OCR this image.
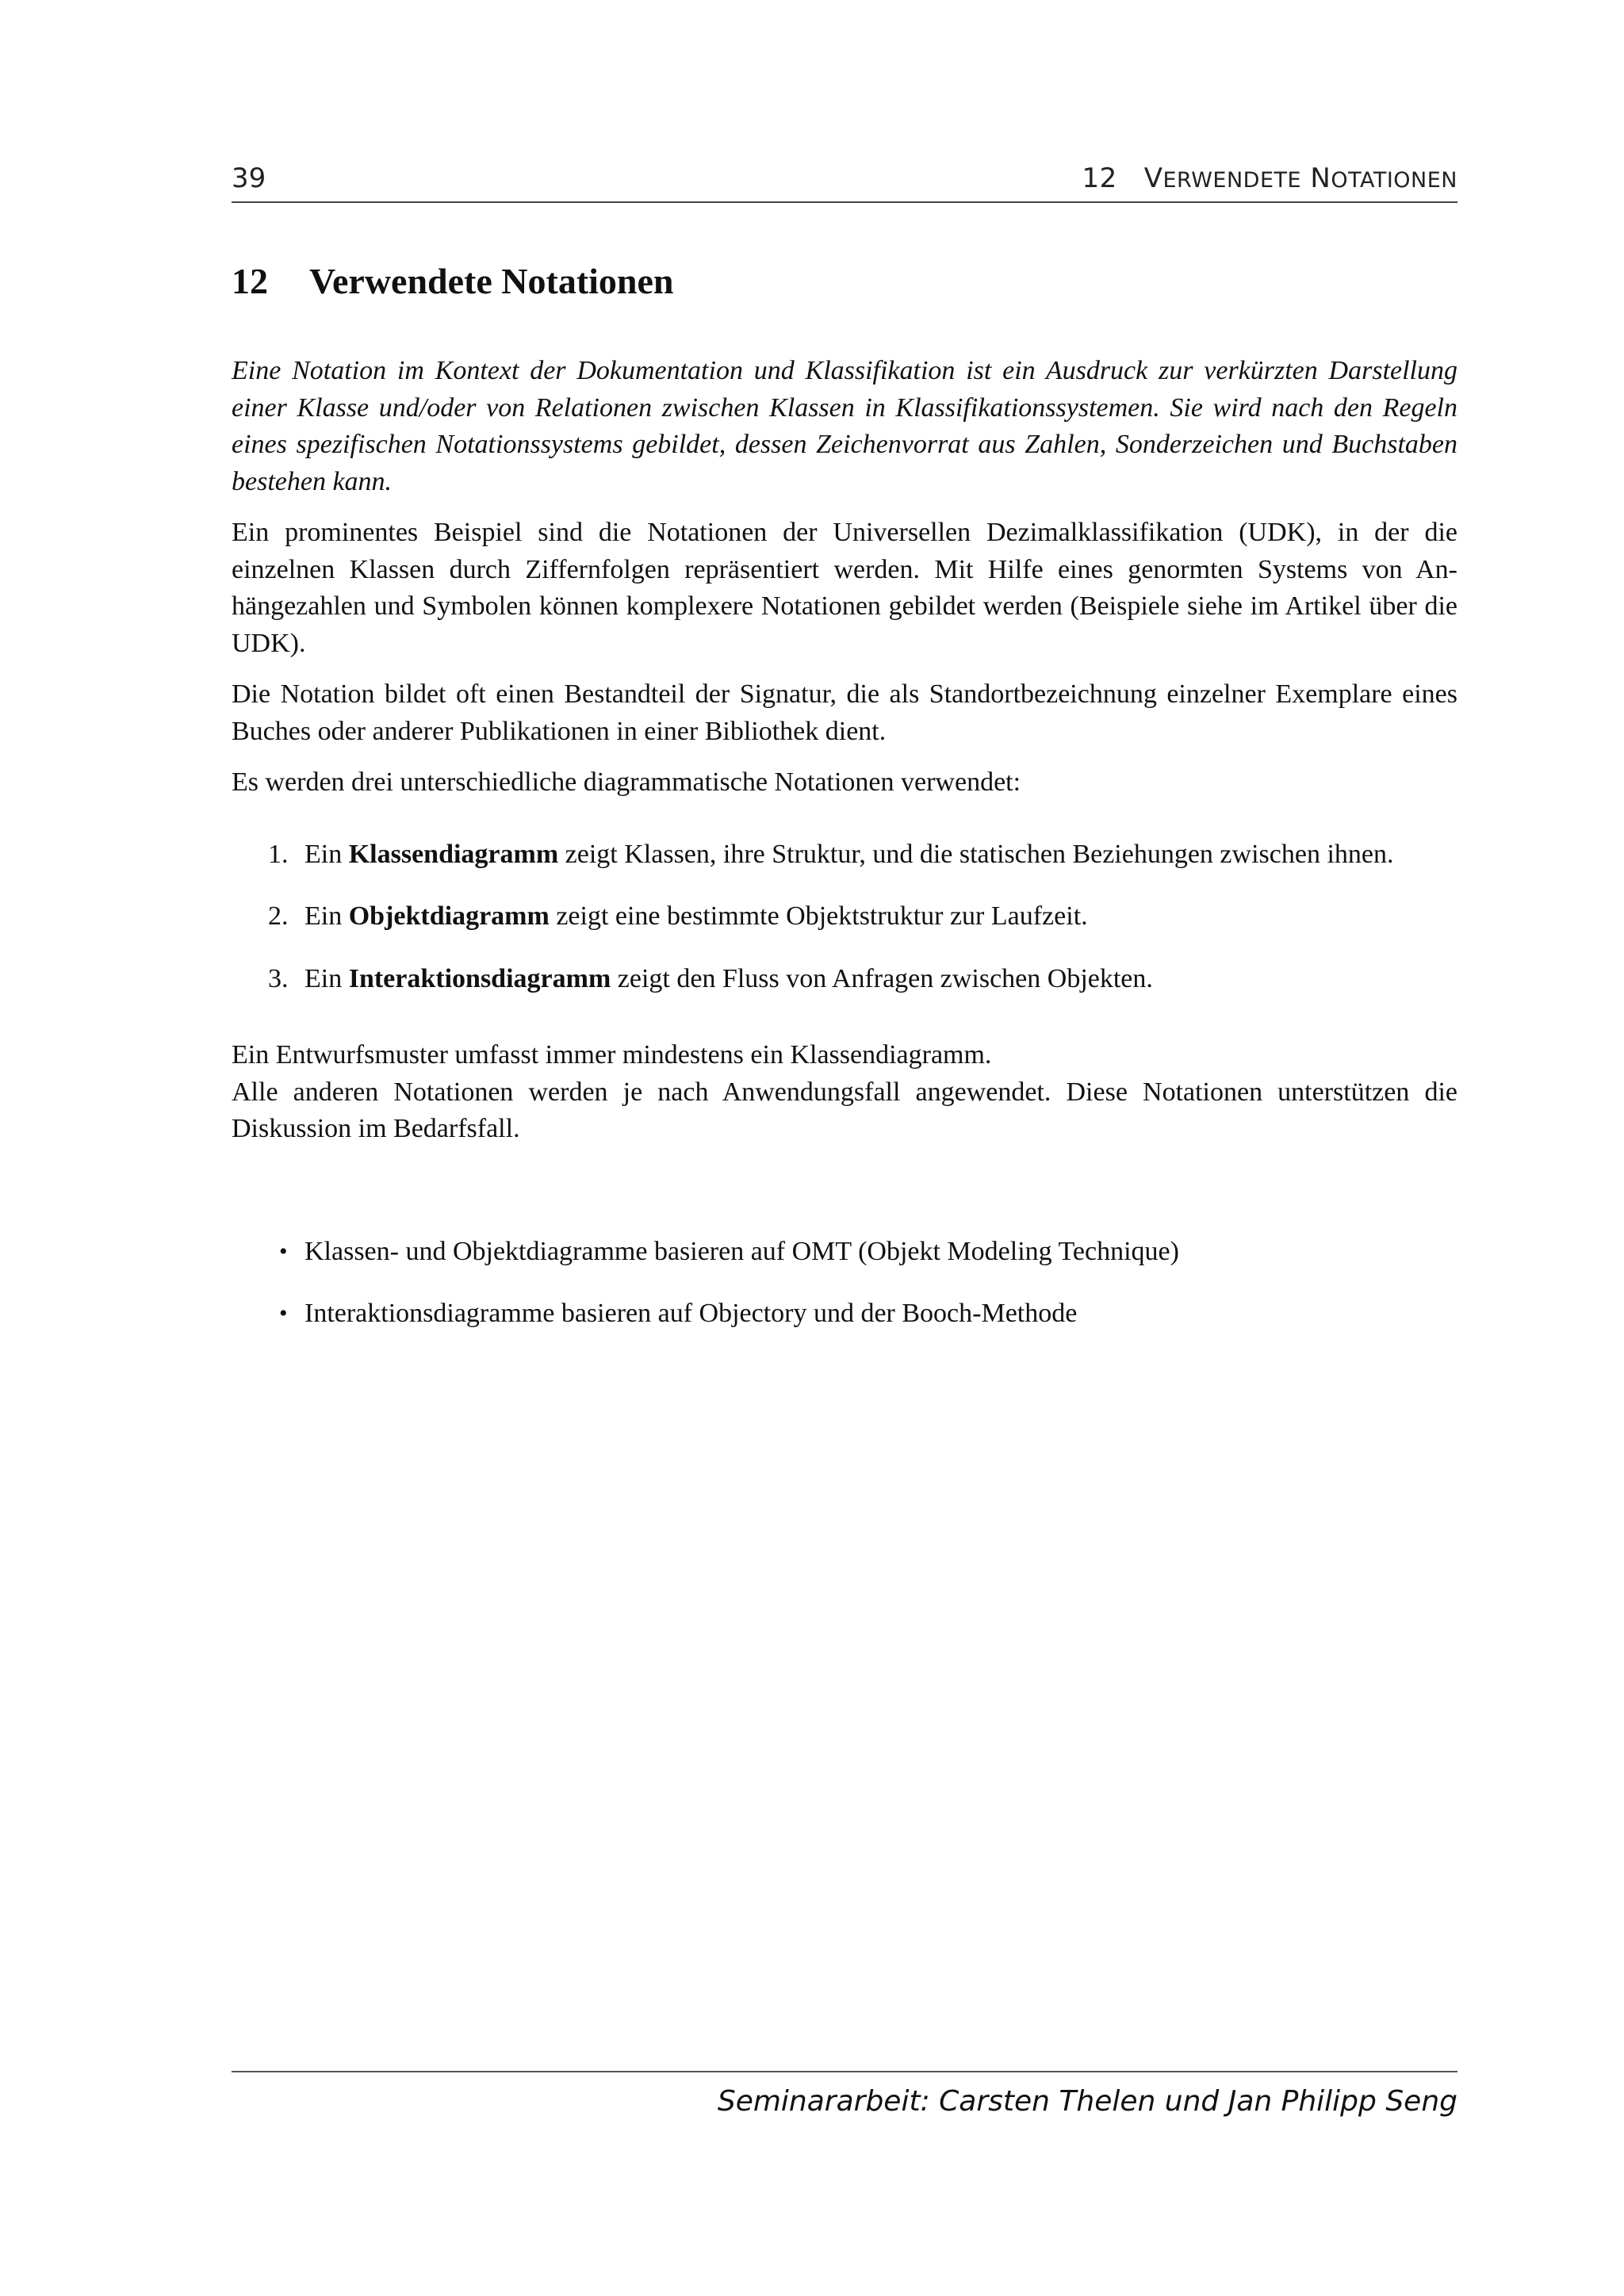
39	12 VERWENDETE NOTATIONEN
12 Verwendete Notationen

Eine Notation im Kontext der Dokumentation und Klassifikation ist ein Ausdruck zur verkürzten Darstellung einer Klasse und/oder von Relationen zwischen Klassen in Klassifikationssystemen. Sie wird nach den Regeln eines spezifischen Notationssystems gebildet, dessen Zeichenvorrat aus Zahlen, Sonderzeichen und Buchstaben bestehen kann.

Ein prominentes Beispiel sind die Notationen der Universellen Dezimalklassifikation (UDK), in der die einzelnen Klassen durch Ziffernfolgen repräsentiert werden. Mit Hilfe eines genormten Systems von Anhängezahlen und Symbolen können komplexere Notationen gebildet werden (Beispiele siehe im Artikel über die UDK).

Die Notation bildet oft einen Bestandteil der Signatur, die als Standortbezeichnung einzelner Exemplare eines Buches oder anderer Publikationen in einer Bibliothek dient.

Es werden drei unterschiedliche diagrammatische Notationen verwendet:

1. Ein Klassendiagramm zeigt Klassen, ihre Struktur, und die statischen Beziehungen zwischen ihnen.
2. Ein Objektdiagramm zeigt eine bestimmte Objektstruktur zur Laufzeit.
3. Ein Interaktionsdiagramm zeigt den Fluss von Anfragen zwischen Objekten.

Ein Entwurfsmuster umfasst immer mindestens ein Klassendiagramm.
Alle anderen Notationen werden je nach Anwendungsfall angewendet. Diese Notationen unterstützen die Diskussion im Bedarfsfall.

• Klassen- und Objektdiagramme basieren auf OMT (Objekt Modeling Technique)
• Interaktionsdiagramme basieren auf Objectory und der Booch-Methode
Seminararbeit: Carsten Thelen und Jan Philipp Seng
